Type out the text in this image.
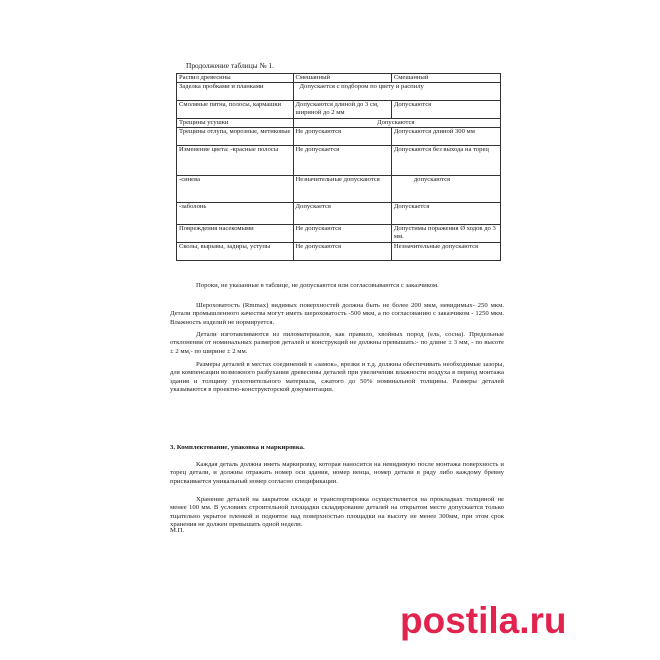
Продолжение таблицы № 1.
Распил древесины	Смешанный	Смешанный
Заделка пробками и планками	Допускается с подбором по цвету и распилу	
Смоляные пятна, полосы, кармашки	Допускаются длиной до 3 см, шириной до 2 мм	Допускаются
Трещины усушки	Допускаются	
Трещины отлупа, морозные, метиковые	Не допускаются	Допускаются длиной 300 мм
Изменение цвета: -красные полосы	Не допускается	Допускаются без выхода на торец
-синева	Незначительные допускаются	допускаются
-заболонь	Допускается	Допускается
Повреждения насекомыми	Не допускаются	Допустимы поражения Ø ходов до 3 мм.
Сколы, вырывы, задиры, уступы	Не допускаются	Незначительные допускаются
Пороки, не указанные в таблице, не допускаются или согласовываются с заказчиком.
Шероховатость (Rmmax) видимых поверхностей должна быть не более 200 мкм, невидимых- 250 мкм. Детали промышленного качества могут иметь шероховатость -500 мкм, а по согласованию с заказчиком - 1250 мкм. Влажность изделий не нормируется.
Детали изготавливаются из пиломатериалов, как правило, хвойных пород (ель, сосна). Предельные отклонения от номинальных размеров деталей и конструкций не должны превышать:- по длине ± 3 мм, - по высоте ± 2 мм,- по ширине ± 2 мм.
Размеры деталей в местах соединений в «замок», врезки и т.д. должны обеспечивать необходимые зазоры, для компенсации возможного разбухания древесины деталей при увеличении влажности воздуха в период монтажа здания и толщину уплотнительного материала, сжатого до 50% номинальной толщины. Размеры деталей указываются в проектно-конструкторской документации.
3. Комплектование, упаковка и маркировка.
Каждая деталь должна иметь маркировку, которая наносится на невидимую после монтажа поверхность и торец детали, и должны отражать номер оси здания, номер венца, номер детали в ряду либо каждому бревну присваивается уникальный номер согласно спецификации.
Хранение деталей на закрытом складе и транспортировка осуществляется на прокладках толщиной не менее 100 мм. В условиях строительной площадки складирование деталей на открытом месте допускается только тщательно укрытое пленкой и поднятое над поверхностью площадки на высоту не менее 300мм, при этом срок хранения не должен превышать одной недели.
М.П.
postila.ru
